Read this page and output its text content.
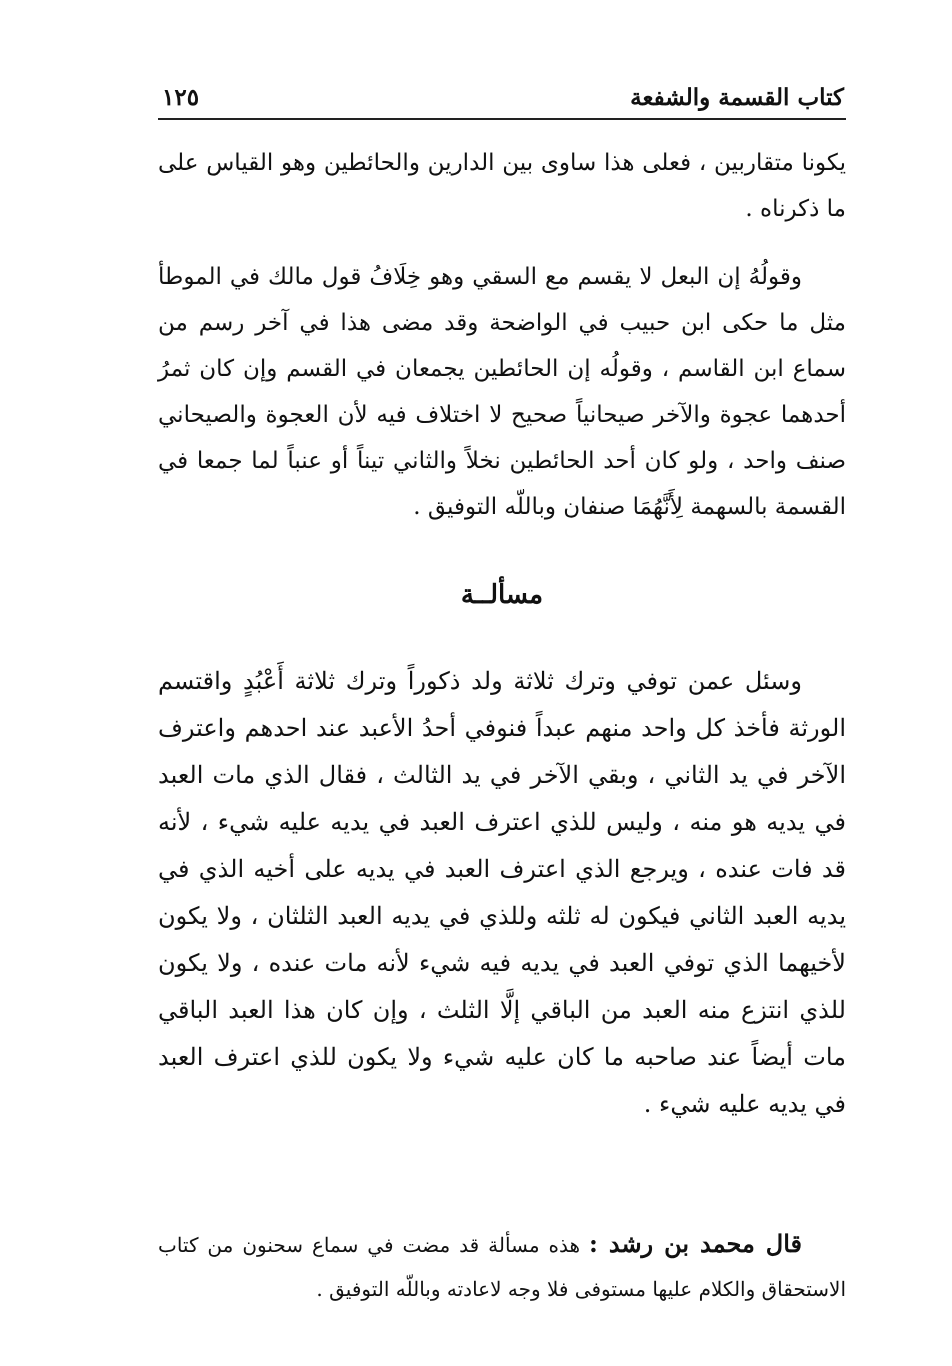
كتاب القسمة والشفعة
١٢٥

يكونا متقاربين ، فعلى هذا ساوى بين الدارين والحائطين وهو القياس على ما ذكرناه .

وقولُهُ إن البعل لا يقسم مع السقي وهو خِلَافُ قول مالك في الموطأ مثل ما حكى ابن حبيب في الواضحة وقد مضى هذا في آخر رسم من سماع ابن القاسم ، وقولُه إن الحائطين يجمعان في القسم وإن كان ثمرُ أحدهما عجوة والآخر صيحانياً صحيح لا اختلاف فيه لأن العجوة والصيحاني صنف واحد ، ولو كان أحد الحائطين نخلاً والثاني تيناً أو عنباً لما جمعا في القسمة بالسهمة لِأَنَّهُمَا صنفان وباللّه التوفيق .

مسألــة

وسئل عمن توفي وترك ثلاثة ولد ذكوراً وترك ثلاثة أَعْبُدٍ واقتسم الورثة فأخذ كل واحد منهم عبداً فنوفي أحدُ الأعبد عند احدهم واعترف الآخر في يد الثاني ، وبقي الآخر في يد الثالث ، فقال الذي مات العبد في يديه هو منه ، وليس للذي اعترف العبد في يديه عليه شيء ، لأنه قد فات عنده ، ويرجع الذي اعترف العبد في يديه على أخيه الذي في يديه العبد الثاني فيكون له ثلثه وللذي في يديه العبد الثلثان ، ولا يكون لأخيهما الذي توفي العبد في يديه فيه شيء لأنه مات عنده ، ولا يكون للذي انتزع منه العبد من الباقي إلَّا الثلث ، وإن كان هذا العبد الباقي مات أيضاً عند صاحبه ما كان عليه شيء ولا يكون للذي اعترف العبد في يديه عليه شيء .

قال محمد بن رشد : هذه مسألة قد مضت في سماع سحنون من كتاب الاستحقاق والكلام عليها مستوفى فلا وجه لاعادته وباللّه التوفيق .
